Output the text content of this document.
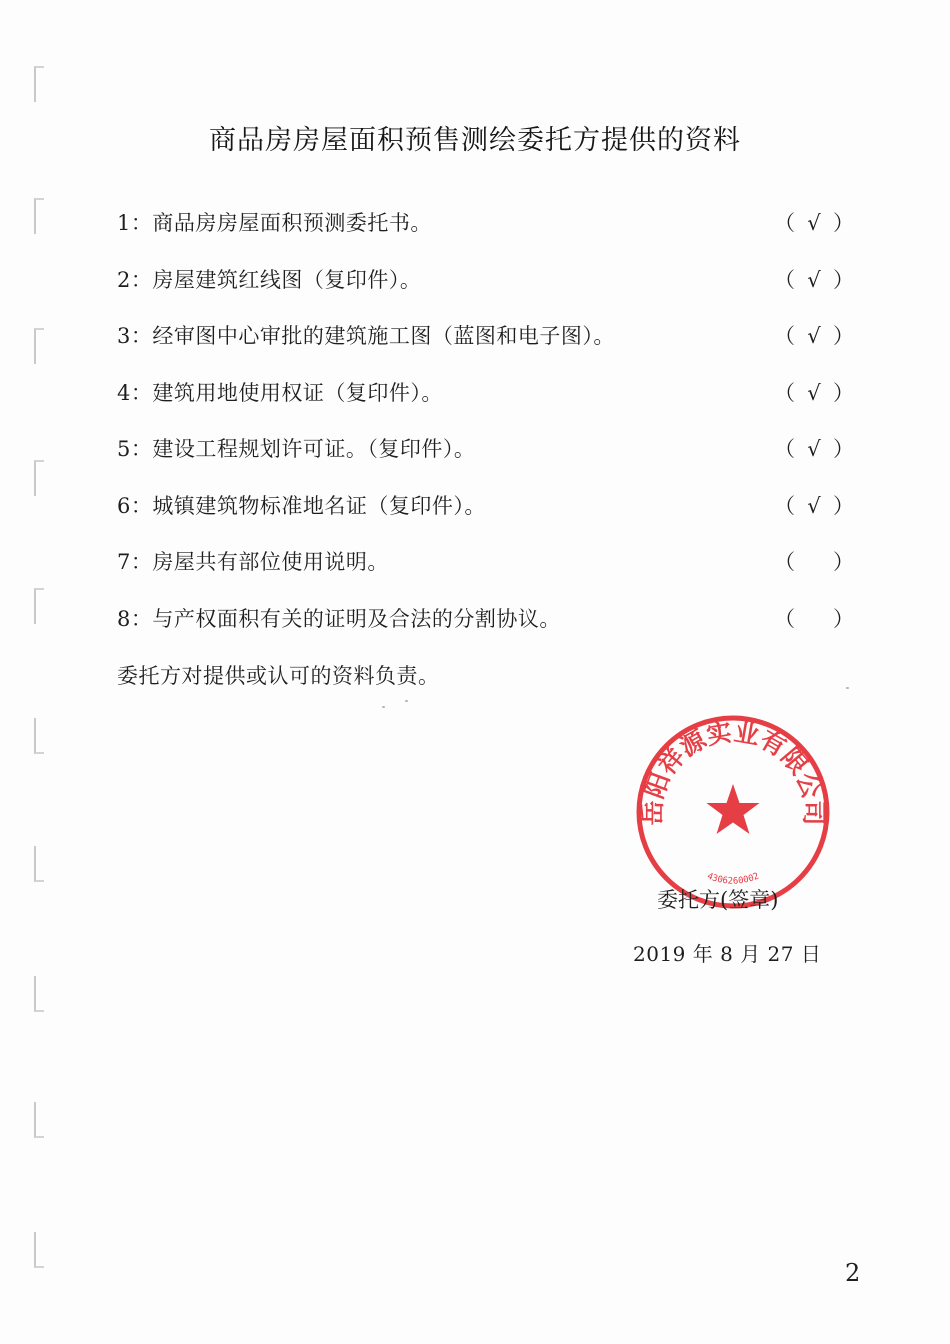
商品房房屋面积预售测绘委托方提供的资料
1：商品房房屋面积预测委托书。	（ √ ）
2：房屋建筑红线图（复印件）。	（ √ ）
3：经审图中心审批的建筑施工图（蓝图和电子图）。	（ √ ）
4：建筑用地使用权证（复印件）。	（ √ ）
5：建设工程规划许可证。（复印件）。	（ √ ）
6：城镇建筑物标准地名证（复印件）。	（ √ ）
7：房屋共有部位使用说明。	（ ）
8：与产权面积有关的证明及合法的分割协议。	（ ）
委托方对提供或认可的资料负责。
岳阳祥源实业有限公司
4306260002
委托方(签章)
2019 年 8 月 27 日
2
